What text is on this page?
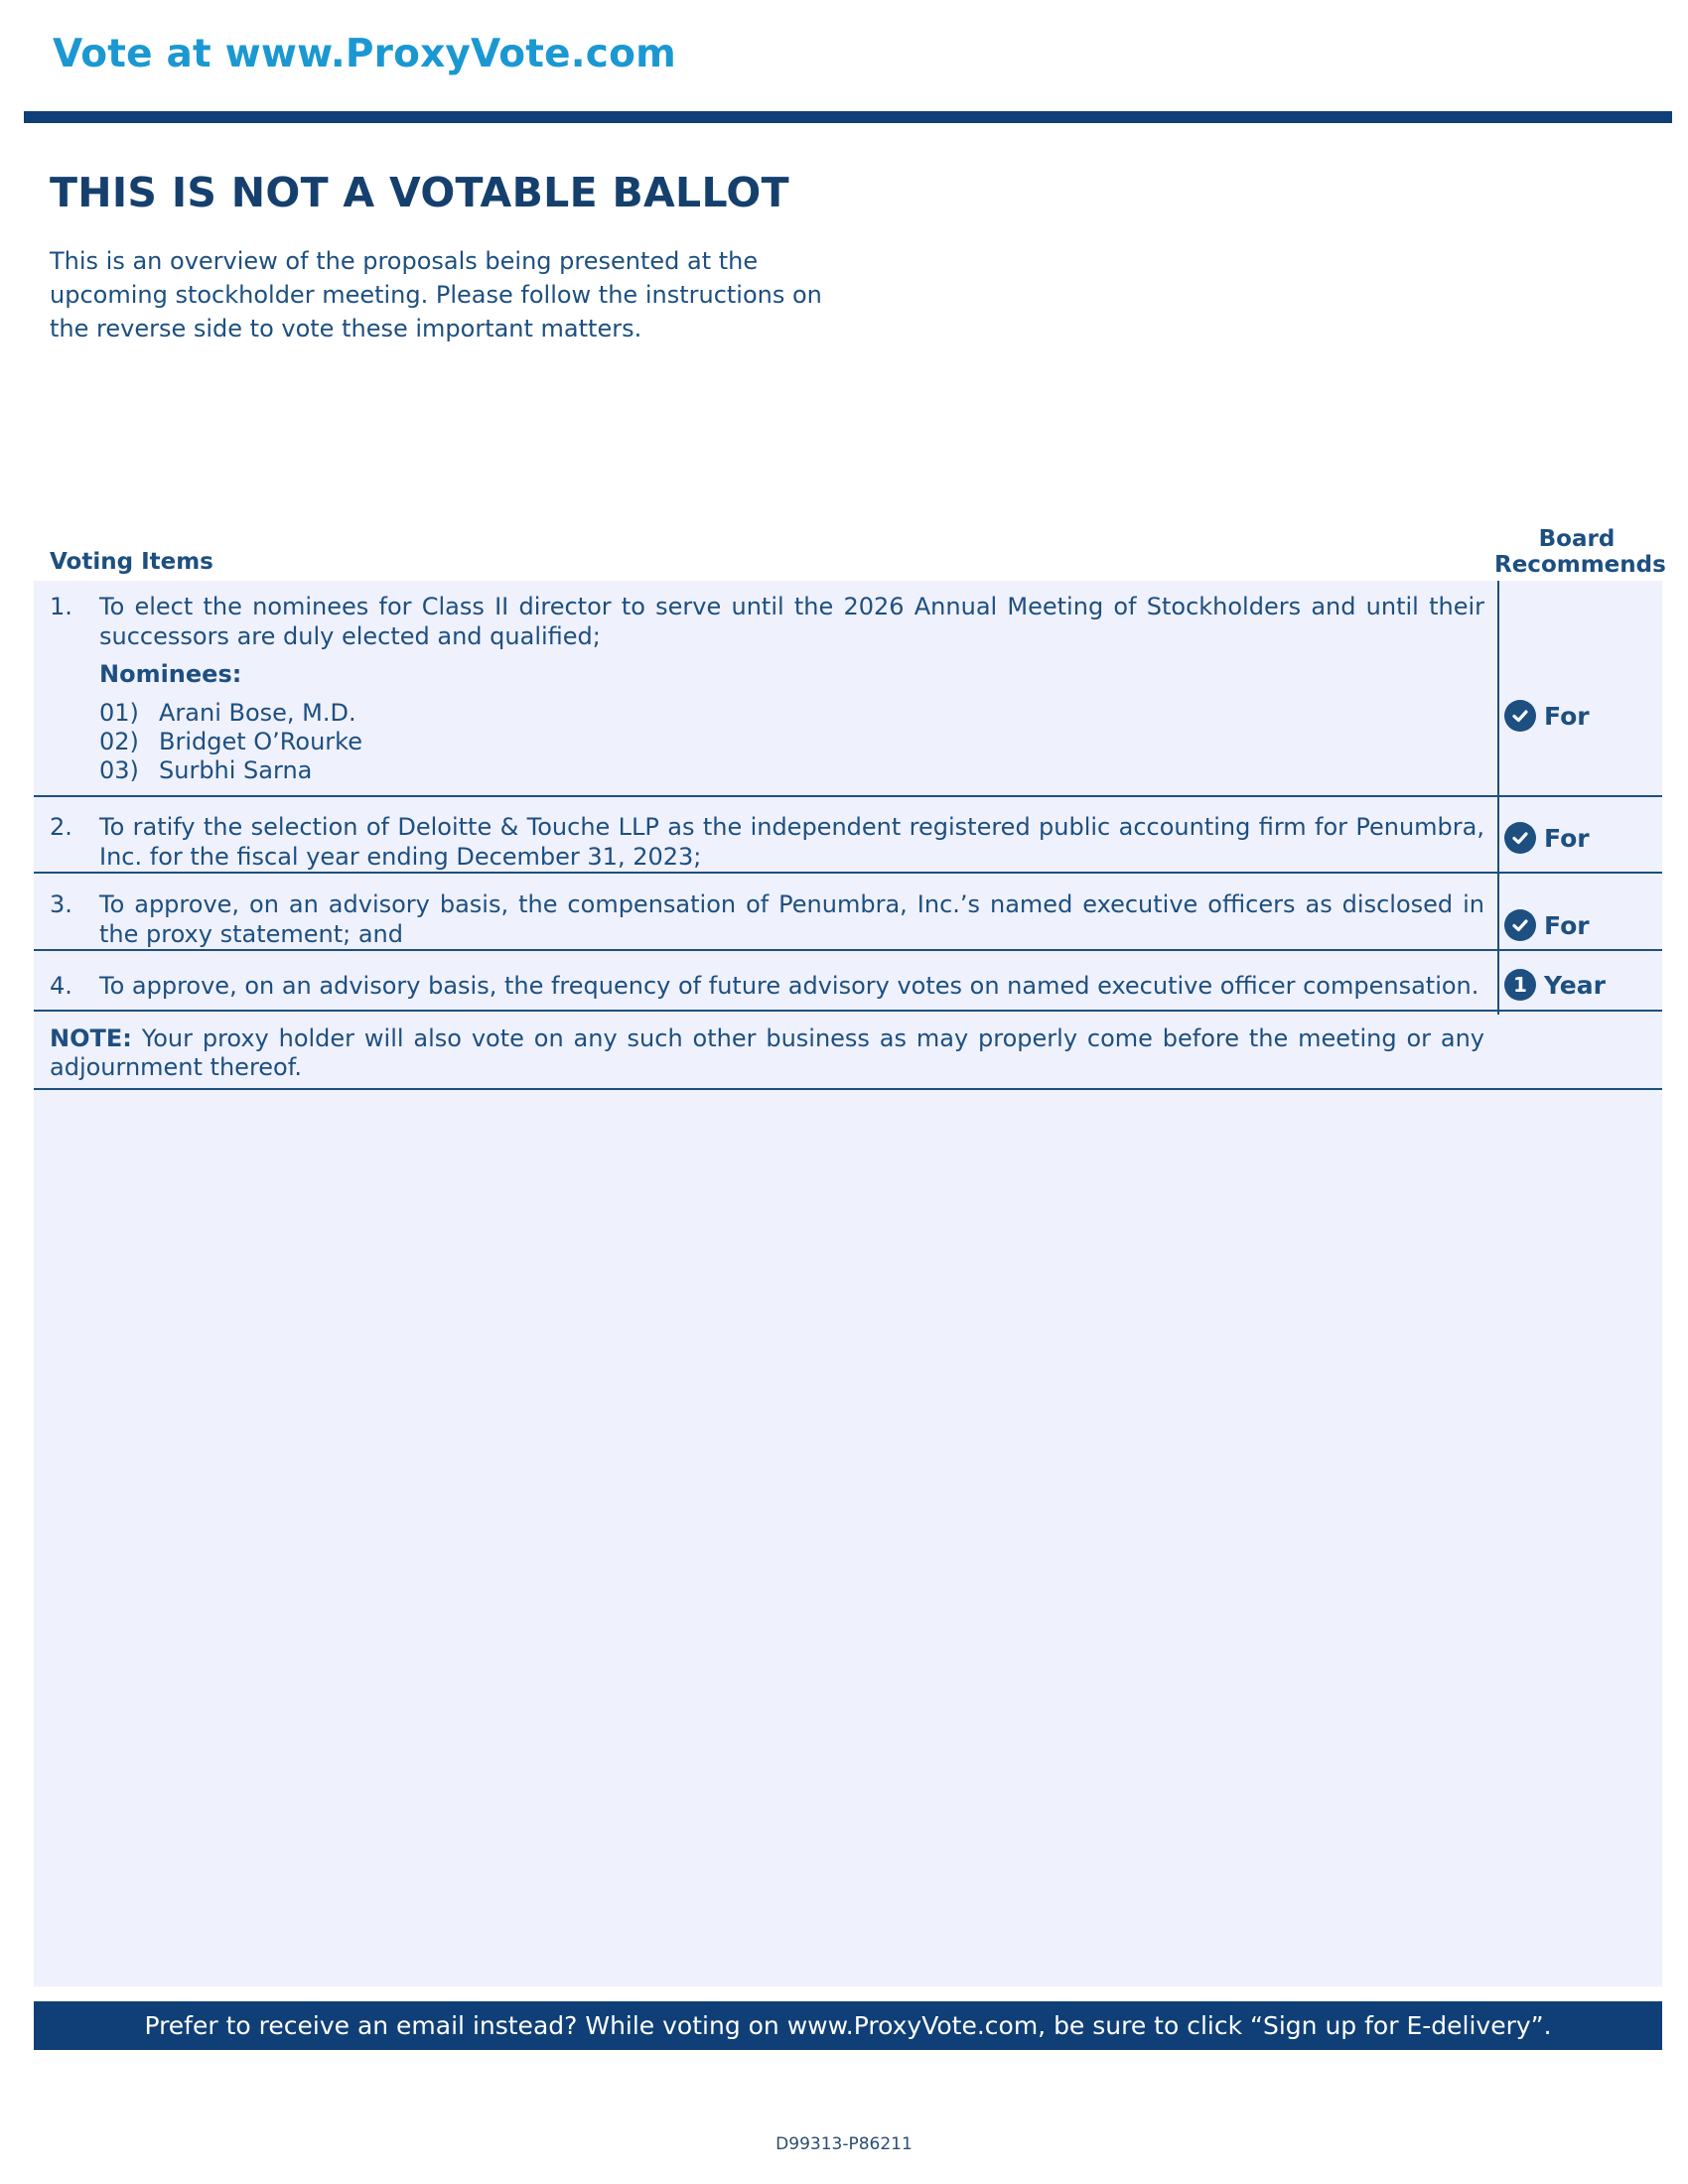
Vote at www.ProxyVote.com
THIS IS NOT A VOTABLE BALLOT
This is an overview of the proposals being presented at the
upcoming stockholder meeting. Please follow the instructions on
the reverse side to vote these important matters.
Voting Items
Board
Recommends
1. To elect the nominees for Class II director to serve until the 2026 Annual Meeting of Stockholders and until their successors are duly elected and qualified;
Nominees:
01) Arani Bose, M.D.
02) Bridget O’Rourke
03) Surbhi Sarna
For
2. To ratify the selection of Deloitte & Touche LLP as the independent registered public accounting firm for Penumbra, Inc. for the fiscal year ending December 31, 2023;
For
3. To approve, on an advisory basis, the compensation of Penumbra, Inc.’s named executive officers as disclosed in the proxy statement; and	For
4. To approve, on an advisory basis, the frequency of future advisory votes on named executive officer compensation.	1 Year
NOTE: Your proxy holder will also vote on any such other business as may properly come before the meeting or any adjournment thereof.
Prefer to receive an email instead? While voting on www.ProxyVote.com, be sure to click “Sign up for E-delivery”.
D99313-P86211
